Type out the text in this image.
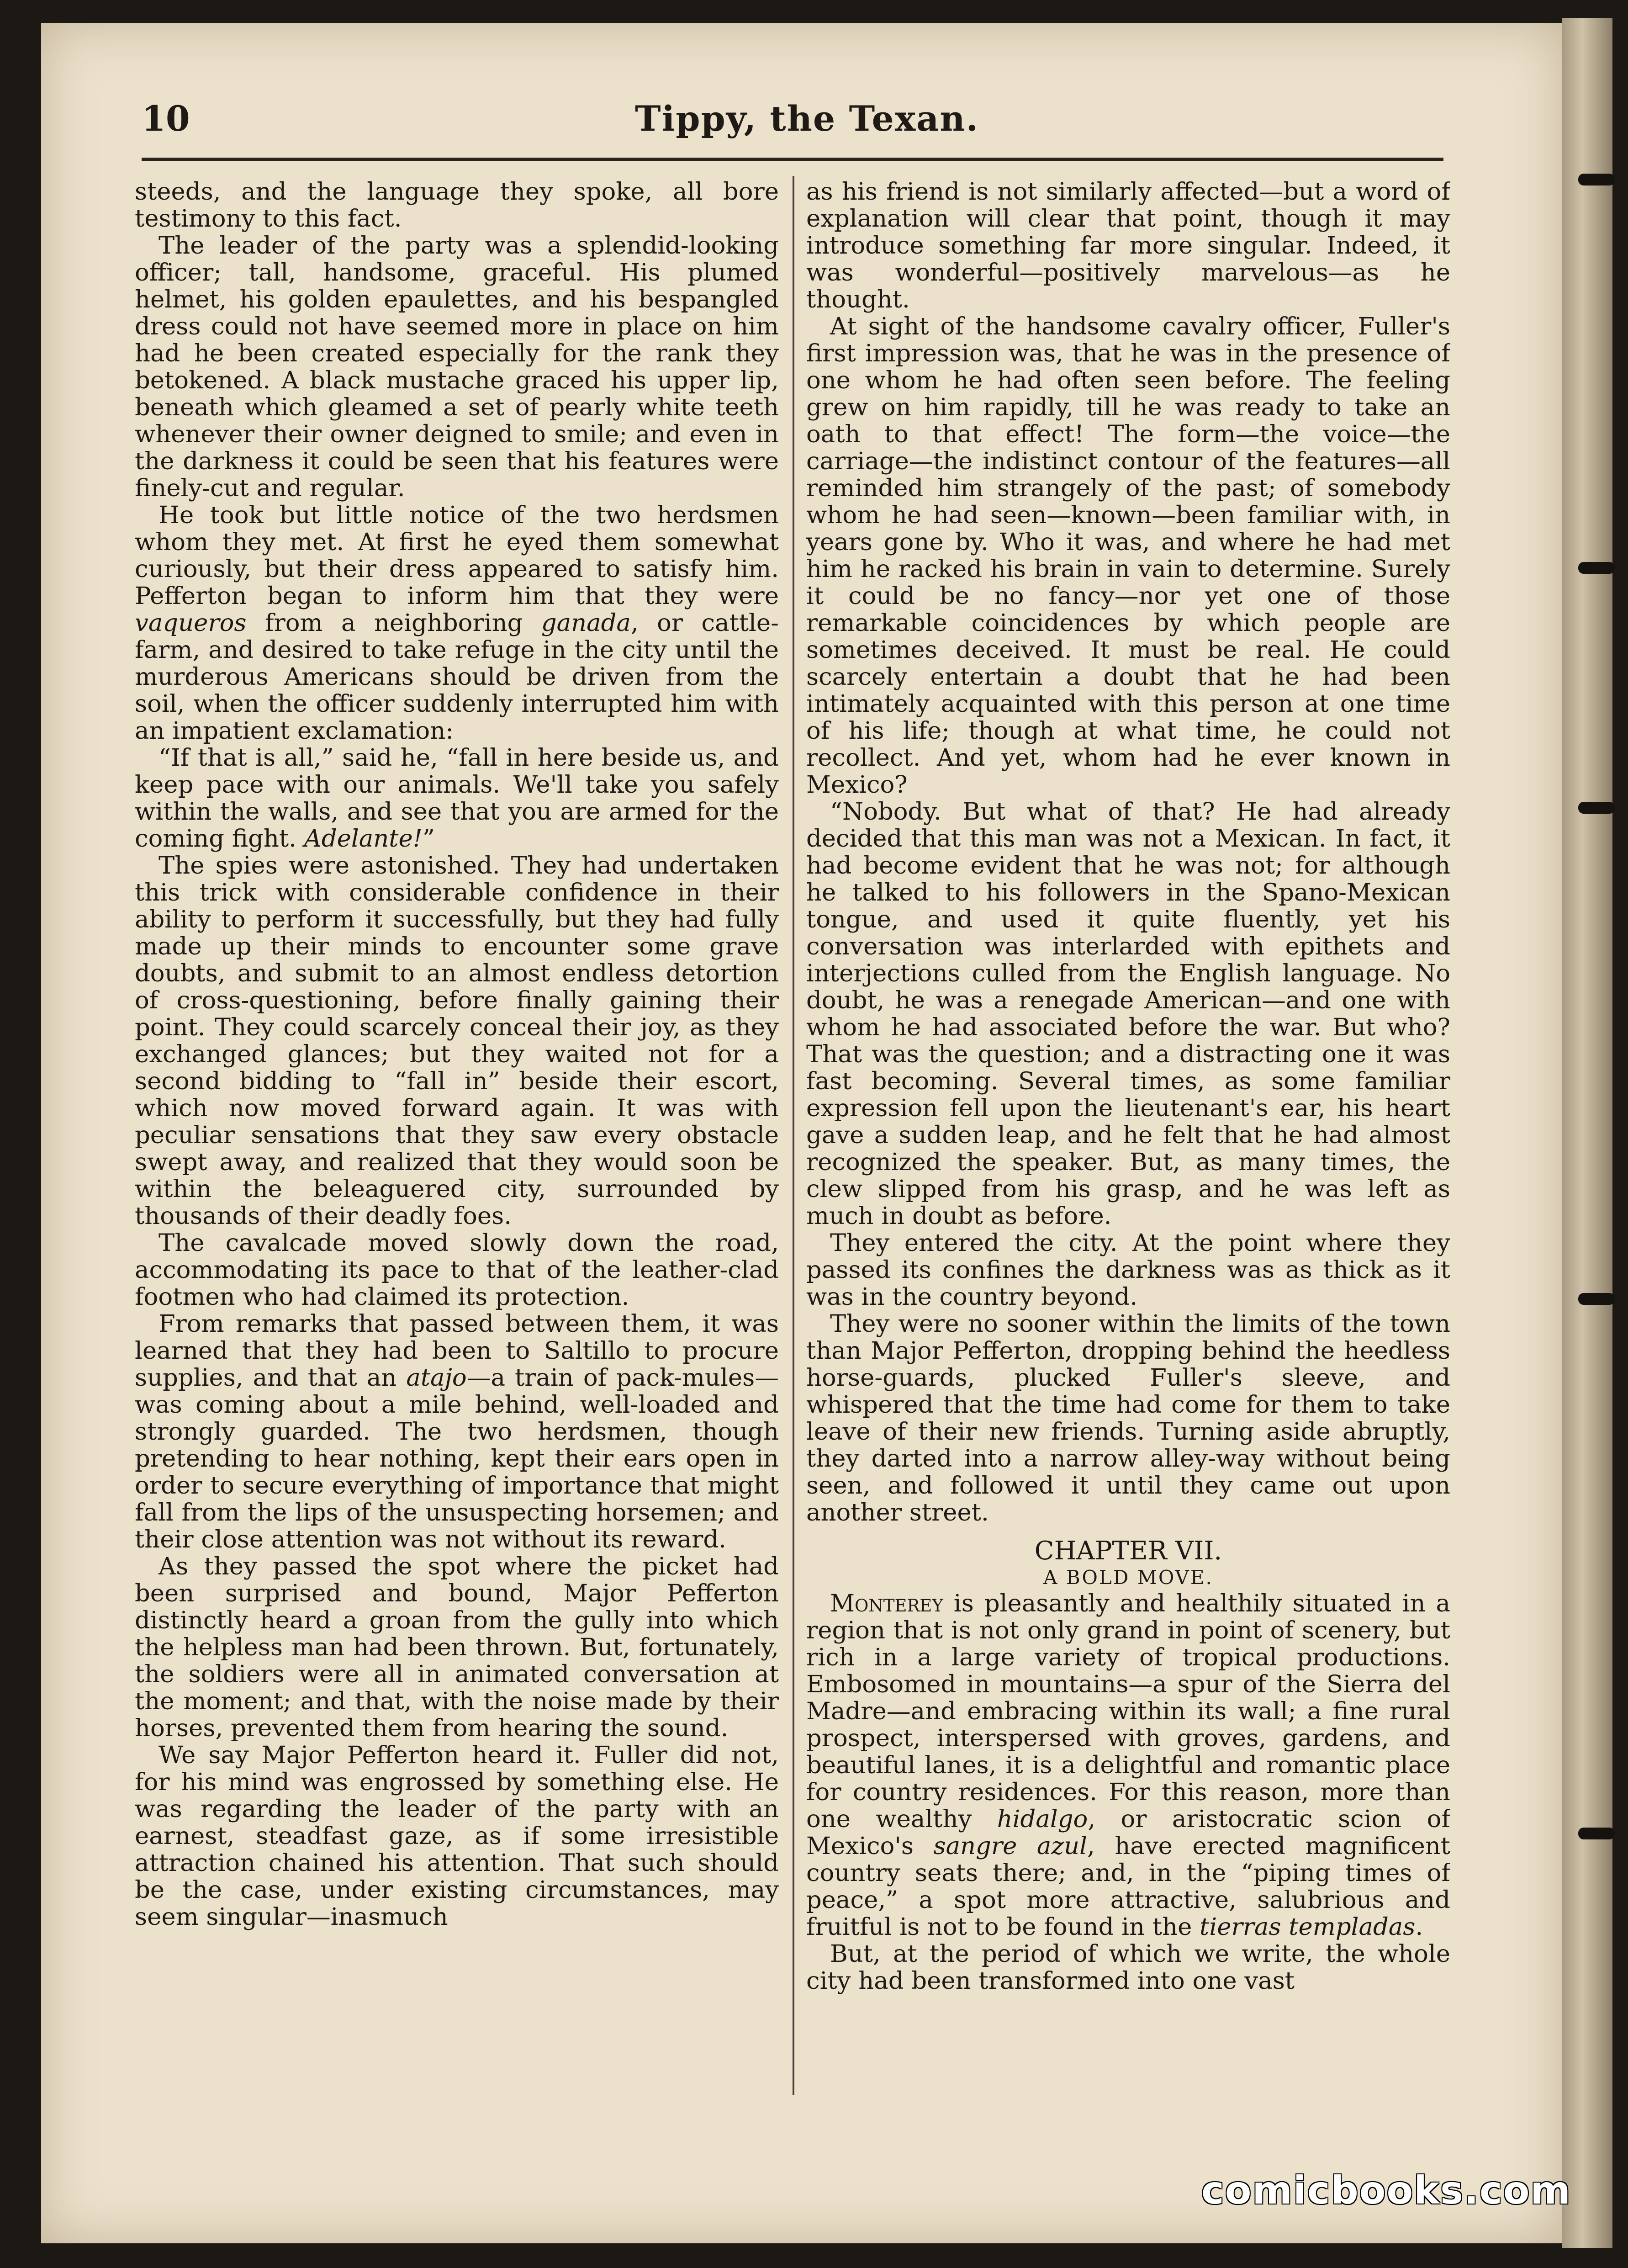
10	Tippy, the Texan.

steeds, and the language they spoke, all bore testimony to this fact.

The leader of the party was a splendid-looking officer; tall, handsome, graceful. His plumed helmet, his golden epaulettes, and his bespangled dress could not have seemed more in place on him had he been created especially for the rank they betokened. A black mustache graced his upper lip, beneath which gleamed a set of pearly white teeth whenever their owner deigned to smile; and even in the darkness it could be seen that his features were finely-cut and regular.

He took but little notice of the two herdsmen whom they met. At first he eyed them somewhat curiously, but their dress appeared to satisfy him. Pefferton began to inform him that they were vaqueros from a neighboring ganada, or cattle-farm, and desired to take refuge in the city until the murderous Americans should be driven from the soil, when the officer suddenly interrupted him with an impatient exclamation:

“If that is all,” said he, “fall in here beside us, and keep pace with our animals. We'll take you safely within the walls, and see that you are armed for the coming fight. Adelante!”

The spies were astonished. They had undertaken this trick with considerable confidence in their ability to perform it successfully, but they had fully made up their minds to encounter some grave doubts, and submit to an almost endless detortion of cross-questioning, before finally gaining their point. They could scarcely conceal their joy, as they exchanged glances; but they waited not for a second bidding to “fall in” beside their escort, which now moved forward again. It was with peculiar sensations that they saw every obstacle swept away, and realized that they would soon be within the beleaguered city, surrounded by thousands of their deadly foes.

The cavalcade moved slowly down the road, accommodating its pace to that of the leather-clad footmen who had claimed its protection.

From remarks that passed between them, it was learned that they had been to Saltillo to procure supplies, and that an atajo—a train of pack-mules—was coming about a mile behind, well-loaded and strongly guarded. The two herdsmen, though pretending to hear nothing, kept their ears open in order to secure everything of importance that might fall from the lips of the unsuspecting horsemen; and their close attention was not without its reward.

As they passed the spot where the picket had been surprised and bound, Major Pefferton distinctly heard a groan from the gully into which the helpless man had been thrown. But, fortunately, the soldiers were all in animated conversation at the moment; and that, with the noise made by their horses, prevented them from hearing the sound.

We say Major Pefferton heard it. Fuller did not, for his mind was engrossed by something else. He was regarding the leader of the party with an earnest, steadfast gaze, as if some irresistible attraction chained his attention. That such should be the case, under existing circumstances, may seem singular—inasmuch

as his friend is not similarly affected—but a word of explanation will clear that point, though it may introduce something far more singular. Indeed, it was wonderful—positively marvelous—as he thought.

At sight of the handsome cavalry officer, Fuller's first impression was, that he was in the presence of one whom he had often seen before. The feeling grew on him rapidly, till he was ready to take an oath to that effect! The form—the voice—the carriage—the indistinct contour of the features—all reminded him strangely of the past; of somebody whom he had seen—known—been familiar with, in years gone by. Who it was, and where he had met him he racked his brain in vain to determine. Surely it could be no fancy—nor yet one of those remarkable coincidences by which people are sometimes deceived. It must be real. He could scarcely entertain a doubt that he had been intimately acquainted with this person at one time of his life; though at what time, he could not recollect. And yet, whom had he ever known in Mexico?

“Nobody. But what of that? He had already decided that this man was not a Mexican. In fact, it had become evident that he was not; for although he talked to his followers in the Spano-Mexican tongue, and used it quite fluently, yet his conversation was interlarded with epithets and interjections culled from the English language. No doubt, he was a renegade American—and one with whom he had associated before the war. But who? That was the question; and a distracting one it was fast becoming. Several times, as some familiar expression fell upon the lieutenant's ear, his heart gave a sudden leap, and he felt that he had almost recognized the speaker. But, as many times, the clew slipped from his grasp, and he was left as much in doubt as before.

They entered the city. At the point where they passed its confines the darkness was as thick as it was in the country beyond.

They were no sooner within the limits of the town than Major Pefferton, dropping behind the heedless horse-guards, plucked Fuller's sleeve, and whispered that the time had come for them to take leave of their new friends. Turning aside abruptly, they darted into a narrow alley-way without being seen, and followed it until they came out upon another street.

CHAPTER VII.
A BOLD MOVE.

Monterey is pleasantly and healthily situated in a region that is not only grand in point of scenery, but rich in a large variety of tropical productions. Embosomed in mountains—a spur of the Sierra del Madre—and embracing within its wall; a fine rural prospect, interspersed with groves, gardens, and beautiful lanes, it is a delightful and romantic place for country residences. For this reason, more than one wealthy hidalgo, or aristocratic scion of Mexico's sangre azul, have erected magnificent country seats there; and, in the “piping times of peace,” a spot more attractive, salubrious and fruitful is not to be found in the tierras templadas.

But, at the period of which we write, the whole city had been transformed into one vast

comicbooks.com
